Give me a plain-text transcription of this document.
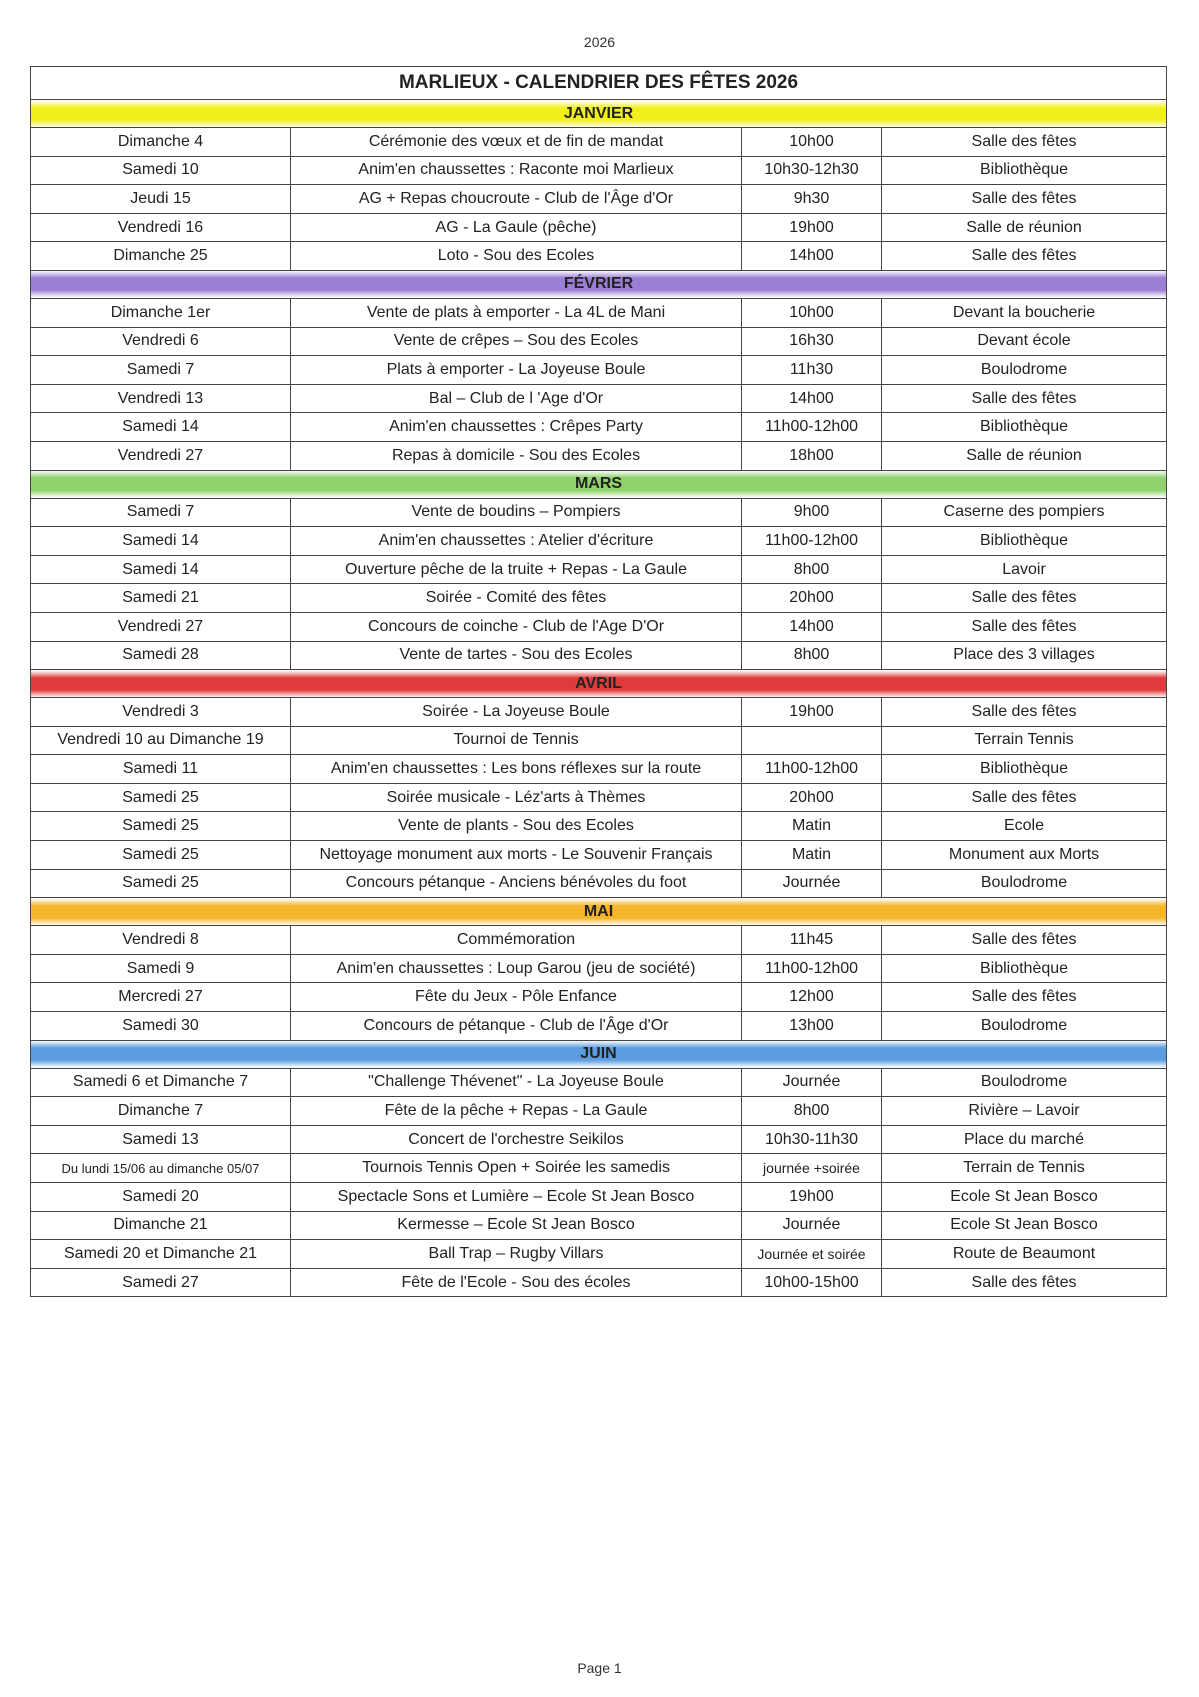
2026
MARLIEUX - CALENDRIER DES FÊTES 2026			
JANVIER			
Dimanche 4	Cérémonie des vœux et de fin de mandat	10h00	Salle des fêtes
Samedi 10	Anim'en chaussettes : Raconte moi Marlieux	10h30-12h30	Bibliothèque
Jeudi 15	AG + Repas choucroute - Club de l'Âge d'Or	9h30	Salle des fêtes
Vendredi 16	AG - La Gaule (pêche)	19h00	Salle de réunion
Dimanche 25	Loto - Sou des Ecoles	14h00	Salle des fêtes
FÉVRIER			
Dimanche 1er	Vente de plats à emporter - La 4L de Mani	10h00	Devant la boucherie
Vendredi 6	Vente de crêpes – Sou des Ecoles	16h30	Devant école
Samedi 7	Plats à emporter - La Joyeuse Boule	11h30	Boulodrome
Vendredi 13	Bal – Club de l 'Age d'Or	14h00	Salle des fêtes
Samedi 14	Anim'en chaussettes : Crêpes Party	11h00-12h00	Bibliothèque
Vendredi 27	Repas à domicile - Sou des Ecoles	18h00	Salle de réunion
MARS			
Samedi 7	Vente de boudins – Pompiers	9h00	Caserne des pompiers
Samedi 14	Anim'en chaussettes : Atelier d'écriture	11h00-12h00	Bibliothèque
Samedi 14	Ouverture pêche de la truite + Repas - La Gaule	8h00	Lavoir
Samedi 21	Soirée - Comité des fêtes	20h00	Salle des fêtes
Vendredi 27	Concours de coinche - Club de l'Age D'Or	14h00	Salle des fêtes
Samedi 28	Vente de tartes - Sou des Ecoles	8h00	Place des 3 villages
AVRIL			
Vendredi 3	Soirée - La Joyeuse Boule	19h00	Salle des fêtes
Vendredi 10 au Dimanche 19	Tournoi de Tennis		Terrain Tennis
Samedi 11	Anim'en chaussettes : Les bons réflexes sur la route	11h00-12h00	Bibliothèque
Samedi 25	Soirée musicale - Léz'arts à Thèmes	20h00	Salle des fêtes
Samedi 25	Vente de plants - Sou des Ecoles	Matin	Ecole
Samedi 25	Nettoyage monument aux morts - Le Souvenir Français	Matin	Monument aux Morts
Samedi 25	Concours pétanque - Anciens bénévoles du foot	Journée	Boulodrome
MAI			
Vendredi 8	Commémoration	11h45	Salle des fêtes
Samedi 9	Anim'en chaussettes : Loup Garou (jeu de société)	11h00-12h00	Bibliothèque
Mercredi 27	Fête du Jeux - Pôle Enfance	12h00	Salle des fêtes
Samedi 30	Concours de pétanque - Club de l'Âge d'Or	13h00	Boulodrome
JUIN			
Samedi 6 et Dimanche 7	"Challenge Thévenet" - La Joyeuse Boule	Journée	Boulodrome
Dimanche 7	Fête de la pêche + Repas - La Gaule	8h00	Rivière – Lavoir
Samedi 13	Concert de l'orchestre Seikilos	10h30-11h30	Place du marché
Du lundi 15/06 au dimanche 05/07	Tournois Tennis Open + Soirée les samedis	journée +soirée	Terrain de Tennis
Samedi 20	Spectacle Sons et Lumière – Ecole St Jean Bosco	19h00	Ecole St Jean Bosco
Dimanche 21	Kermesse – Ecole St Jean Bosco	Journée	Ecole St Jean Bosco
Samedi 20 et Dimanche 21	Ball Trap – Rugby Villars	Journée et soirée	Route de Beaumont
Samedi 27	Fête de l'Ecole - Sou des écoles	10h00-15h00	Salle des fêtes
Page 1
